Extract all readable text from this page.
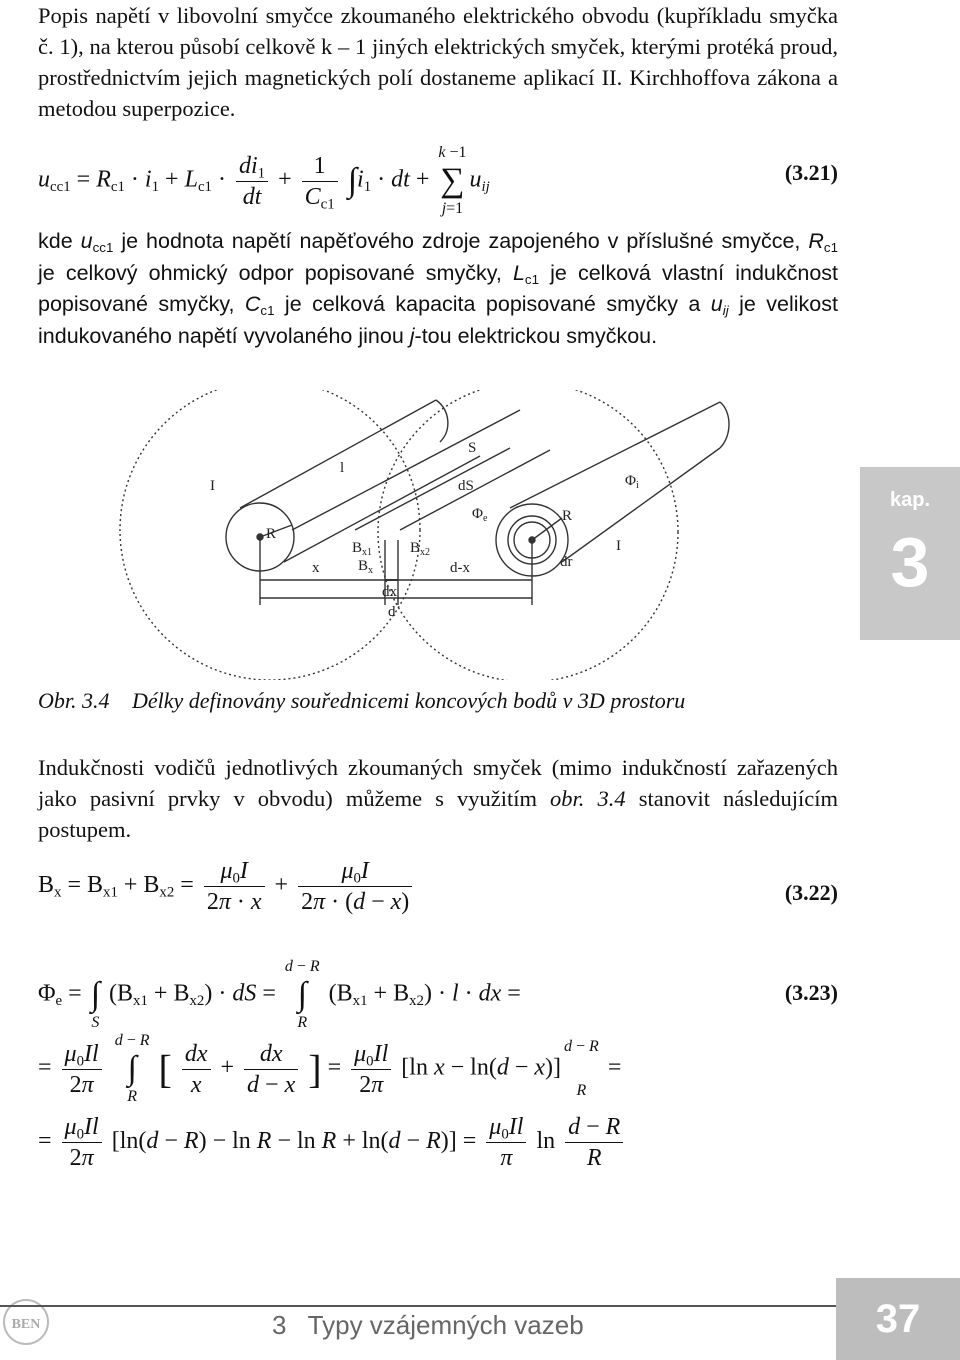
Popis napětí v libovolní smyčce zkoumaného elektrického obvodu (kupříkladu smyčka č. 1), na kterou působí celkově k – 1 jiných elektrických smyček, kterými protéká proud, prostřednictvím jejich magnetických polí dostaneme aplikací II. Kirchhoffova zákona a metodou superpozice.

$u_{cc1} = R_{c1} \cdot i_1 + L_{c1} \cdot \frac{di_1}{dt} + \frac{1}{C_{c1}} \int i_1$ · dt +
k −1
∑
j=1
$u_{ij}$
(3.21)

kde $u_{cc1}$ je hodnota napětí napěťového zdroje zapojeného v příslušné smyčce, $R_{c1}$ je celkový ohmický odpor popisované smyčky, $L_{c1}$ je celková vlastní indukčnost popisované smyčky, $C_{c1}$ je celková kapacita popisované smyčky a $u_{ij}$ je velikost indukovaného napětí vyvolaného jinou j-tou elektrickou smyčkou.

I
l
S
dS
$\Phi_e$
$\Phi_i$
R
R
I
dr
$B_{x1}$	$B_{x2}$
$B_x$
x	d-x
dx
d
Obr. 3.4 Délky definovány souřednicemi koncových bodů v 3D prostoru

Indukčnosti vodičů jednotlivých zkoumaných smyček (mimo indukčností zařazených jako pasivní prvky v obvodu) můžeme s využitím obr. 3.4 stanovit následujícím postupem.

$B_x = B_{x1} + B_{x2} = \frac{\mu_0I}{2\pi \cdot x} + \frac{\mu_0I}{2\pi \cdot (d - x)}$	(3.22)
$\Phi_e$ =
∫
S
$(B_{x1} + B_{x2})$ · dS =
d − R
∫
R
$(B_{x1} + B_{x2}) \cdot l$ · dx =	(3.23)
= $\frac{\mu_0Il}{2\pi}$
d − R
∫
R
[ $\frac{dx}{x} + \frac{dx}{d - x}$ ] = $\frac{\mu_0Il}{2\pi} [\ln$ x − ln(d − x)]
d − R

R
=
= $\frac{\mu_0Il}{2\pi} [\ln(d - R) - \ln R - \ln R + \ln(d - R)] = \frac{\mu_0Il}{\pi}$ $\ln \frac{d - R}{R}$
kap.
3
BEN	3   Typy vzájemných vazeb	37
